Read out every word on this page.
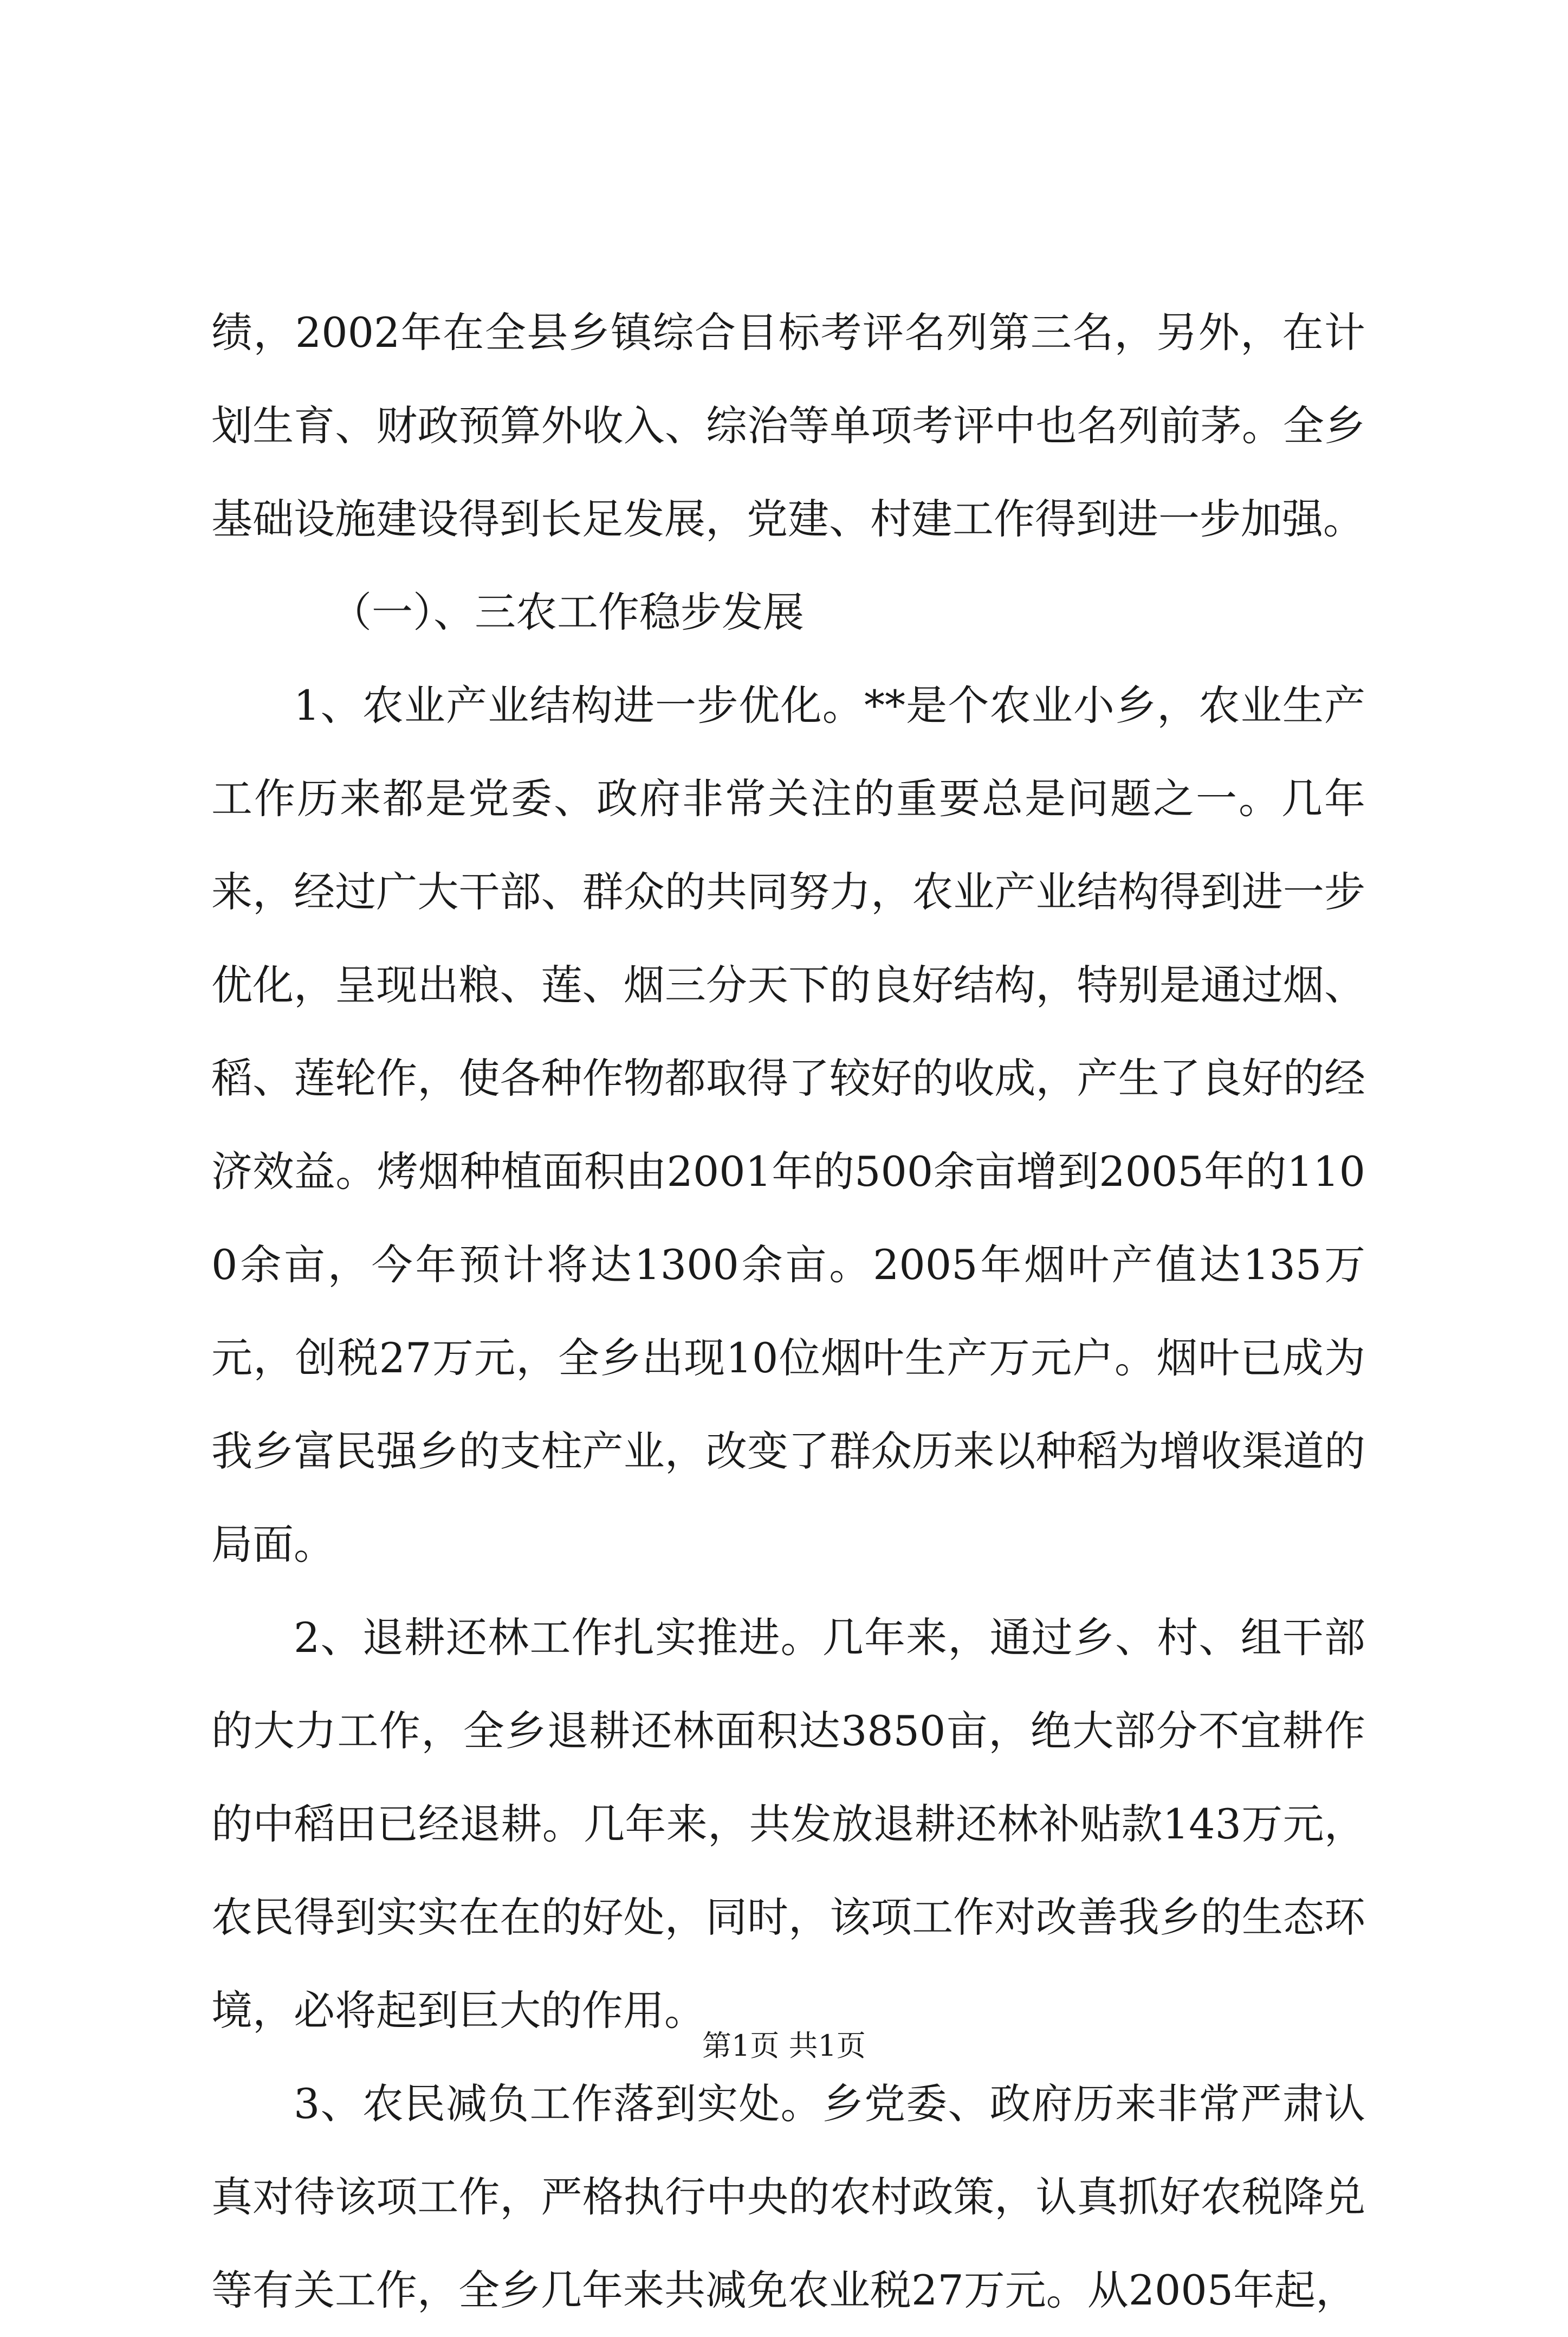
绩，2002年在全县乡镇综合目标考评名列第三名，另外，在计划生育、财政预算外收入、综治等单项考评中也名列前茅。全乡基础设施建设得到长足发展，党建、村建工作得到进一步加强。

（一）、三农工作稳步发展

1、农业产业结构进一步优化。**是个农业小乡，农业生产工作历来都是党委、政府非常关注的重要总是问题之一。几年来，经过广大干部、群众的共同努力，农业产业结构得到进一步优化，呈现出粮、莲、烟三分天下的良好结构，特别是通过烟、稻、莲轮作，使各种作物都取得了较好的收成，产生了良好的经济效益。烤烟种植面积由2001年的500余亩增到2005年的1100余亩，今年预计将达1300余亩。2005年烟叶产值达135万元，创税27万元，全乡出现10位烟叶生产万元户。烟叶已成为我乡富民强乡的支柱产业，改变了群众历来以种稻为增收渠道的局面。

2、退耕还林工作扎实推进。几年来，通过乡、村、组干部的大力工作，全乡退耕还林面积达3850亩，绝大部分不宜耕作的中稻田已经退耕。几年来，共发放退耕还林补贴款143万元，农民得到实实在在的好处，同时，该项工作对改善我乡的生态环境，必将起到巨大的作用。

3、农民减负工作落到实处。乡党委、政府历来非常严肃认真对待该项工作，严格执行中央的农村政策，认真抓好农税降兑等有关工作，全乡几年来共减免农业税27万元。从2005年起，

第1页 共1页
